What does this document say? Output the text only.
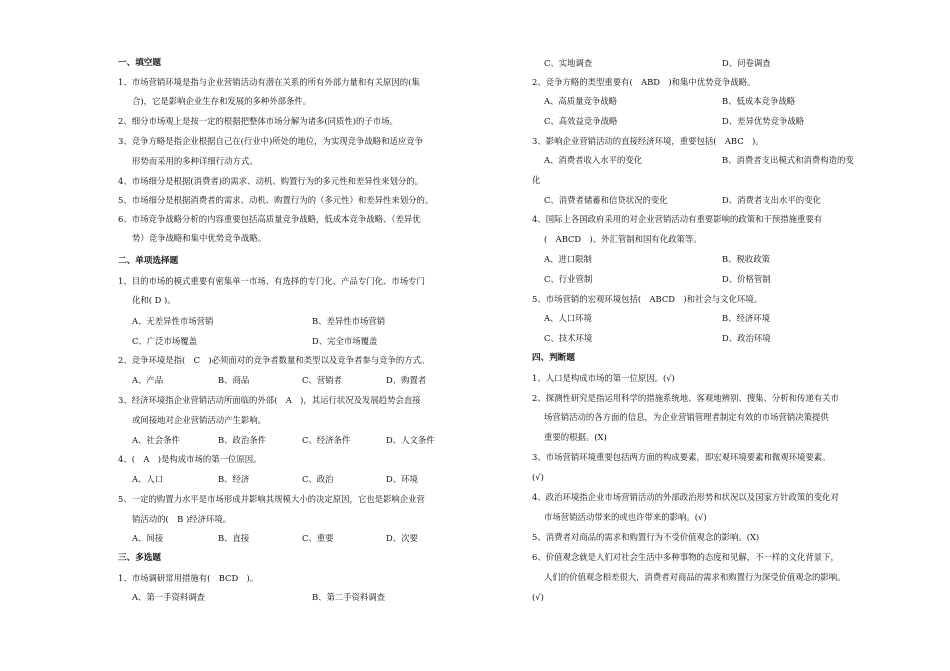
一、填空题
1、市场营销环境是指与企业营销活动有潜在关系的所有外部力量和有关原因的(集
合)，它是影响企业生存和发展的多种外部条件。
2、细分市场观上是按一定的根据把整体市场分解为诸多(同质性)的子市场。
3、竞争方略是指企业根据自己在(行业中)所处的地位，为实现竞争战略和适应竞争
形势而采用的多种详细行动方式。
4、市场细分是根据(消费者)的需求、动机、购置行为的多元性和差异性来划分的。
5、市场细分是根据消费者的需求、动机、购置行为的（多元性）和差异性来划分的。
6、市场竞争战略分析的内容重要包括高质量竞争战略，低成本竞争战略、（差异优
势）竞争战略和集中优势竞争战略。
二、单项选择题
1、目的市场的模式重要有密集单一市场、有选择的专门化、产品专门化、市场专门
化和( D )。
A、无差异性市场营销	B、差异性市场营销
C、广泛市场覆盖	D、完全市场覆盖
2、竞争环境是指(　C　)必须面对的竞争者数量和类型以及竞争者参与竞争的方式。
A、产品	B、商品	C、营销者	D、购置者
3、经济环境指企业营销活动所面临的外部(　A　)，其运行状况及发展趋势会直接
或间接地对企业营销活动产生影响。
A、社会条件	B、政治条件	C、经济条件	D、人文条件
4、(　A　)是构成市场的第一位原因。
A、人口	B、经济	C、政治	D、环境
5、一定的购置力水平是市场形成并影响其规模大小的决定原因，它也是影响企业营
销活动的(　B )经济环境。
A、间接	B、直接	C、重要	D、次要
三、多选题
1、市场调研常用措施有(　BCD　)。
A、第一手资料调查	B、第二手资料调查
C、实地调查	D、问卷调查
2、竞争方略的类型重要有(　ABD　)和集中优势竞争战略。
A、高质量竞争战略	B、低成本竞争战略
C、高效益竞争战略	D、差异优势竞争战略
3、影响企业营销活动的直接经济环境，重要包括(　ABC　)。
A、消费者收入水平的变化	B、消费者支出模式和消费构造的变
化
C、消费者储蓄和信贷状况的变化	D、消费者支出水平的变化
4、国际上各国政府采用的对企业营销活动有重要影响的政策和干预措施重要有
(　ABCD　)、外汇管制和国有化政策等。
A、进口限制	B、税收政策
C、行业管制	D、价格管制
5、市场营销的宏观环境包括(　ABCD　)和社会与文化环境。
A、人口环境	B、经济环境
C、技术环境	D、政治环境
四、判断题
1、人口是构成市场的第一位原因。(√)
2、探测性研究是指运用科学的措施系统地、客观地辨别、搜集、分析和传递有关市
场营销活动的各方面的信息，为企业营销管理者制定有效的市场营销决策提供
重要的根据。(X)
3、市场营销环境重要包括两方面的构成要素，即宏观环境要素和微观环境要素。
(√)
4、政治环境指企业市场营销活动的外部政治形势和状况以及国家方针政策的变化对
市场营销活动带来的或也许带来的影响。(√)
5、消费者对商品的需求和购置行为不受价值观念的影响。(X)
6、价值观念就是人们对社会生活中多种事物的态度和见解，不一样的文化背景下，
人们的价值观念相差很大，消费者对商品的需求和购置行为深受价值观念的影响。
(√)
